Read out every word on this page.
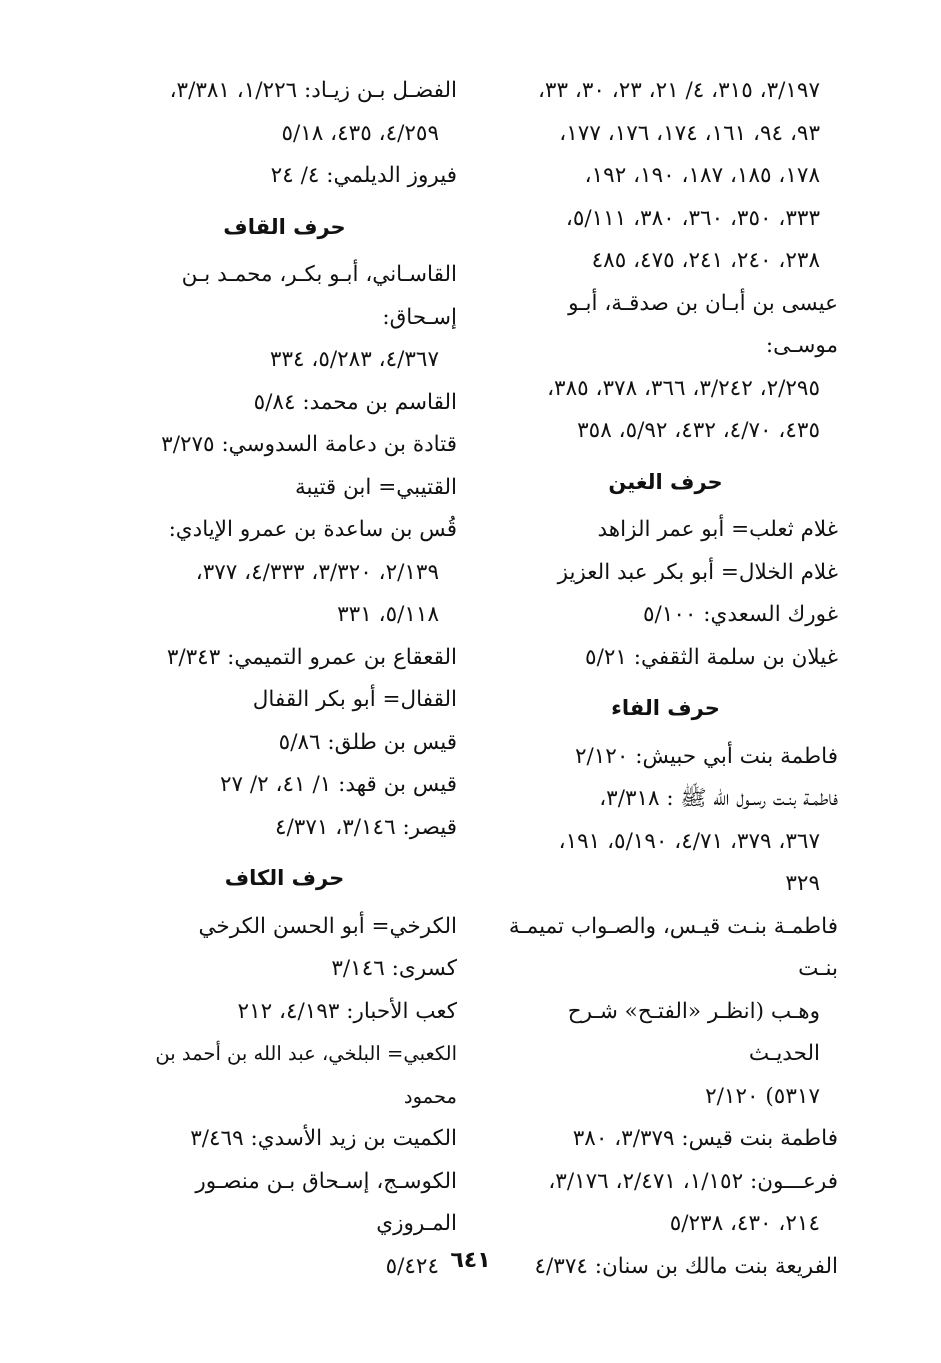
٣/١٩٧، ٣١٥، ٤/ ٢١، ٢٣، ٣٠، ٣٣،
٩٣، ٩٤، ١٦١، ١٧٤، ١٧٦، ١٧٧،
١٧٨، ١٨٥، ١٨٧، ١٩٠، ١٩٢،
٣٣٣، ٣٥٠، ٣٦٠، ٣٨٠، ٥/١١١،
٢٣٨، ٢٤٠، ٢٤١، ٤٧٥، ٤٨٥
عيسى بن أبـان بن صدقـة، أبـو موسـى:
٢/٢٩٥، ٣/٢٤٢، ٣٦٦، ٣٧٨، ٣٨٥،
٤٣٥، ٤/٧٠، ٤٣٢، ٥/٩٢، ٣٥٨
حرف الغين
غلام ثعلب= أبو عمر الزاهد
غلام الخلال= أبو بكر عبد العزيز
غورك السعدي: ٥/١٠٠
غيلان بن سلمة الثقفي: ٥/٢١
حرف الفاء
فاطمة بنت أبي حبيش: ٢/١٢٠
فاطمـة بنـت رسـول الله ﷺ : ٣/٣١٨،
٣٦٧، ٣٧٩، ٤/٧١، ٥/١٩٠، ١٩١،
٣٢٩
فاطمـة بنـت قيـس، والصـواب تميمـة بنـت
وهـب (انظـر «الفتـح» شـرح الحديـث
٥٣١٧) ٢/١٢٠
فاطمة بنت قيس: ٣/٣٧٩، ٣٨٠
فرعـــون: ١/١٥٢، ٢/٤٧١، ٣/١٧٦،
٢١٤، ٤٣٠، ٥/٢٣٨
الفريعة بنت مالك بن سنان: ٤/٣٧٤
الفضـل بـن زيـاد: ١/٢٢٦، ٣/٣٨١،
٤/٢٥٩، ٤٣٥، ٥/١٨
فيروز الديلمي: ٤/ ٢٤
حرف القاف
القاسـاني، أبـو بكـر، محمـد بـن إسـحاق:
٤/٣٦٧، ٥/٢٨٣، ٣٣٤
القاسم بن محمد: ٥/٨٤
قتادة بن دعامة السدوسي: ٣/٢٧٥
القتيبي= ابن قتيبة
قُس بن ساعدة بن عمرو الإيادي:
٢/١٣٩، ٣/٣٢٠، ٤/٣٣٣، ٣٧٧،
٥/١١٨، ٣٣١
القعقاع بن عمرو التميمي: ٣/٣٤٣
القفال= أبو بكر القفال
قيس بن طلق: ٥/٨٦
قيس بن قهد: ١/ ٤١، ٢/ ٢٧
قيصر: ٣/١٤٦، ٤/٣٧١
حرف الكاف
الكرخي= أبو الحسن الكرخي
كسرى: ٣/١٤٦
كعب الأحبار: ٤/١٩٣، ٢١٢
الكعبي= البلخي، عبد الله بن أحمد بن محمود
الكميت بن زيد الأسدي: ٣/٤٦٩
الكوسـج، إسـحاق بـن منصـور المـروزي
٥/٤٢٤ ٦٤١
